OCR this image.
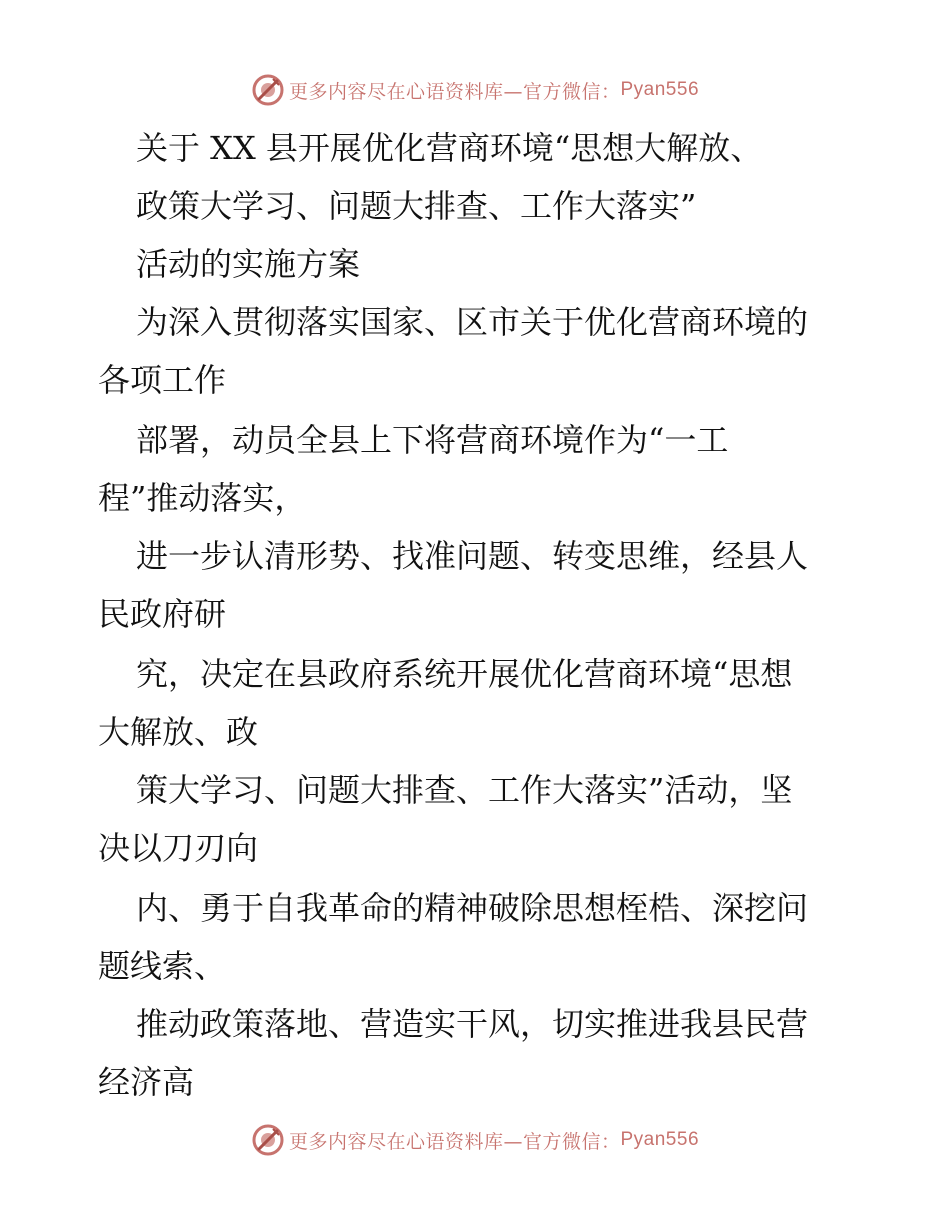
更多内容尽在心语资料库—官方微信： Pyan556
关于 XX 县开展优化营商环境“思想大解放、
政策大学习、问题大排查、工作大落实”
活动的实施方案
为深入贯彻落实国家、区市关于优化营商环境的
各项工作
部署，动员全县上下将营商环境作为“一工
程”推动落实，
进一步认清形势、找准问题、转变思维，经县人
民政府研
究，决定在县政府系统开展优化营商环境“思想
大解放、政
策大学习、问题大排查、工作大落实”活动，坚
决以刀刃向
内、勇于自我革命的精神破除思想桎梏、深挖问
题线索、
推动政策落地、营造实干风，切实推进我县民营
经济高
更多内容尽在心语资料库—官方微信： Pyan556
